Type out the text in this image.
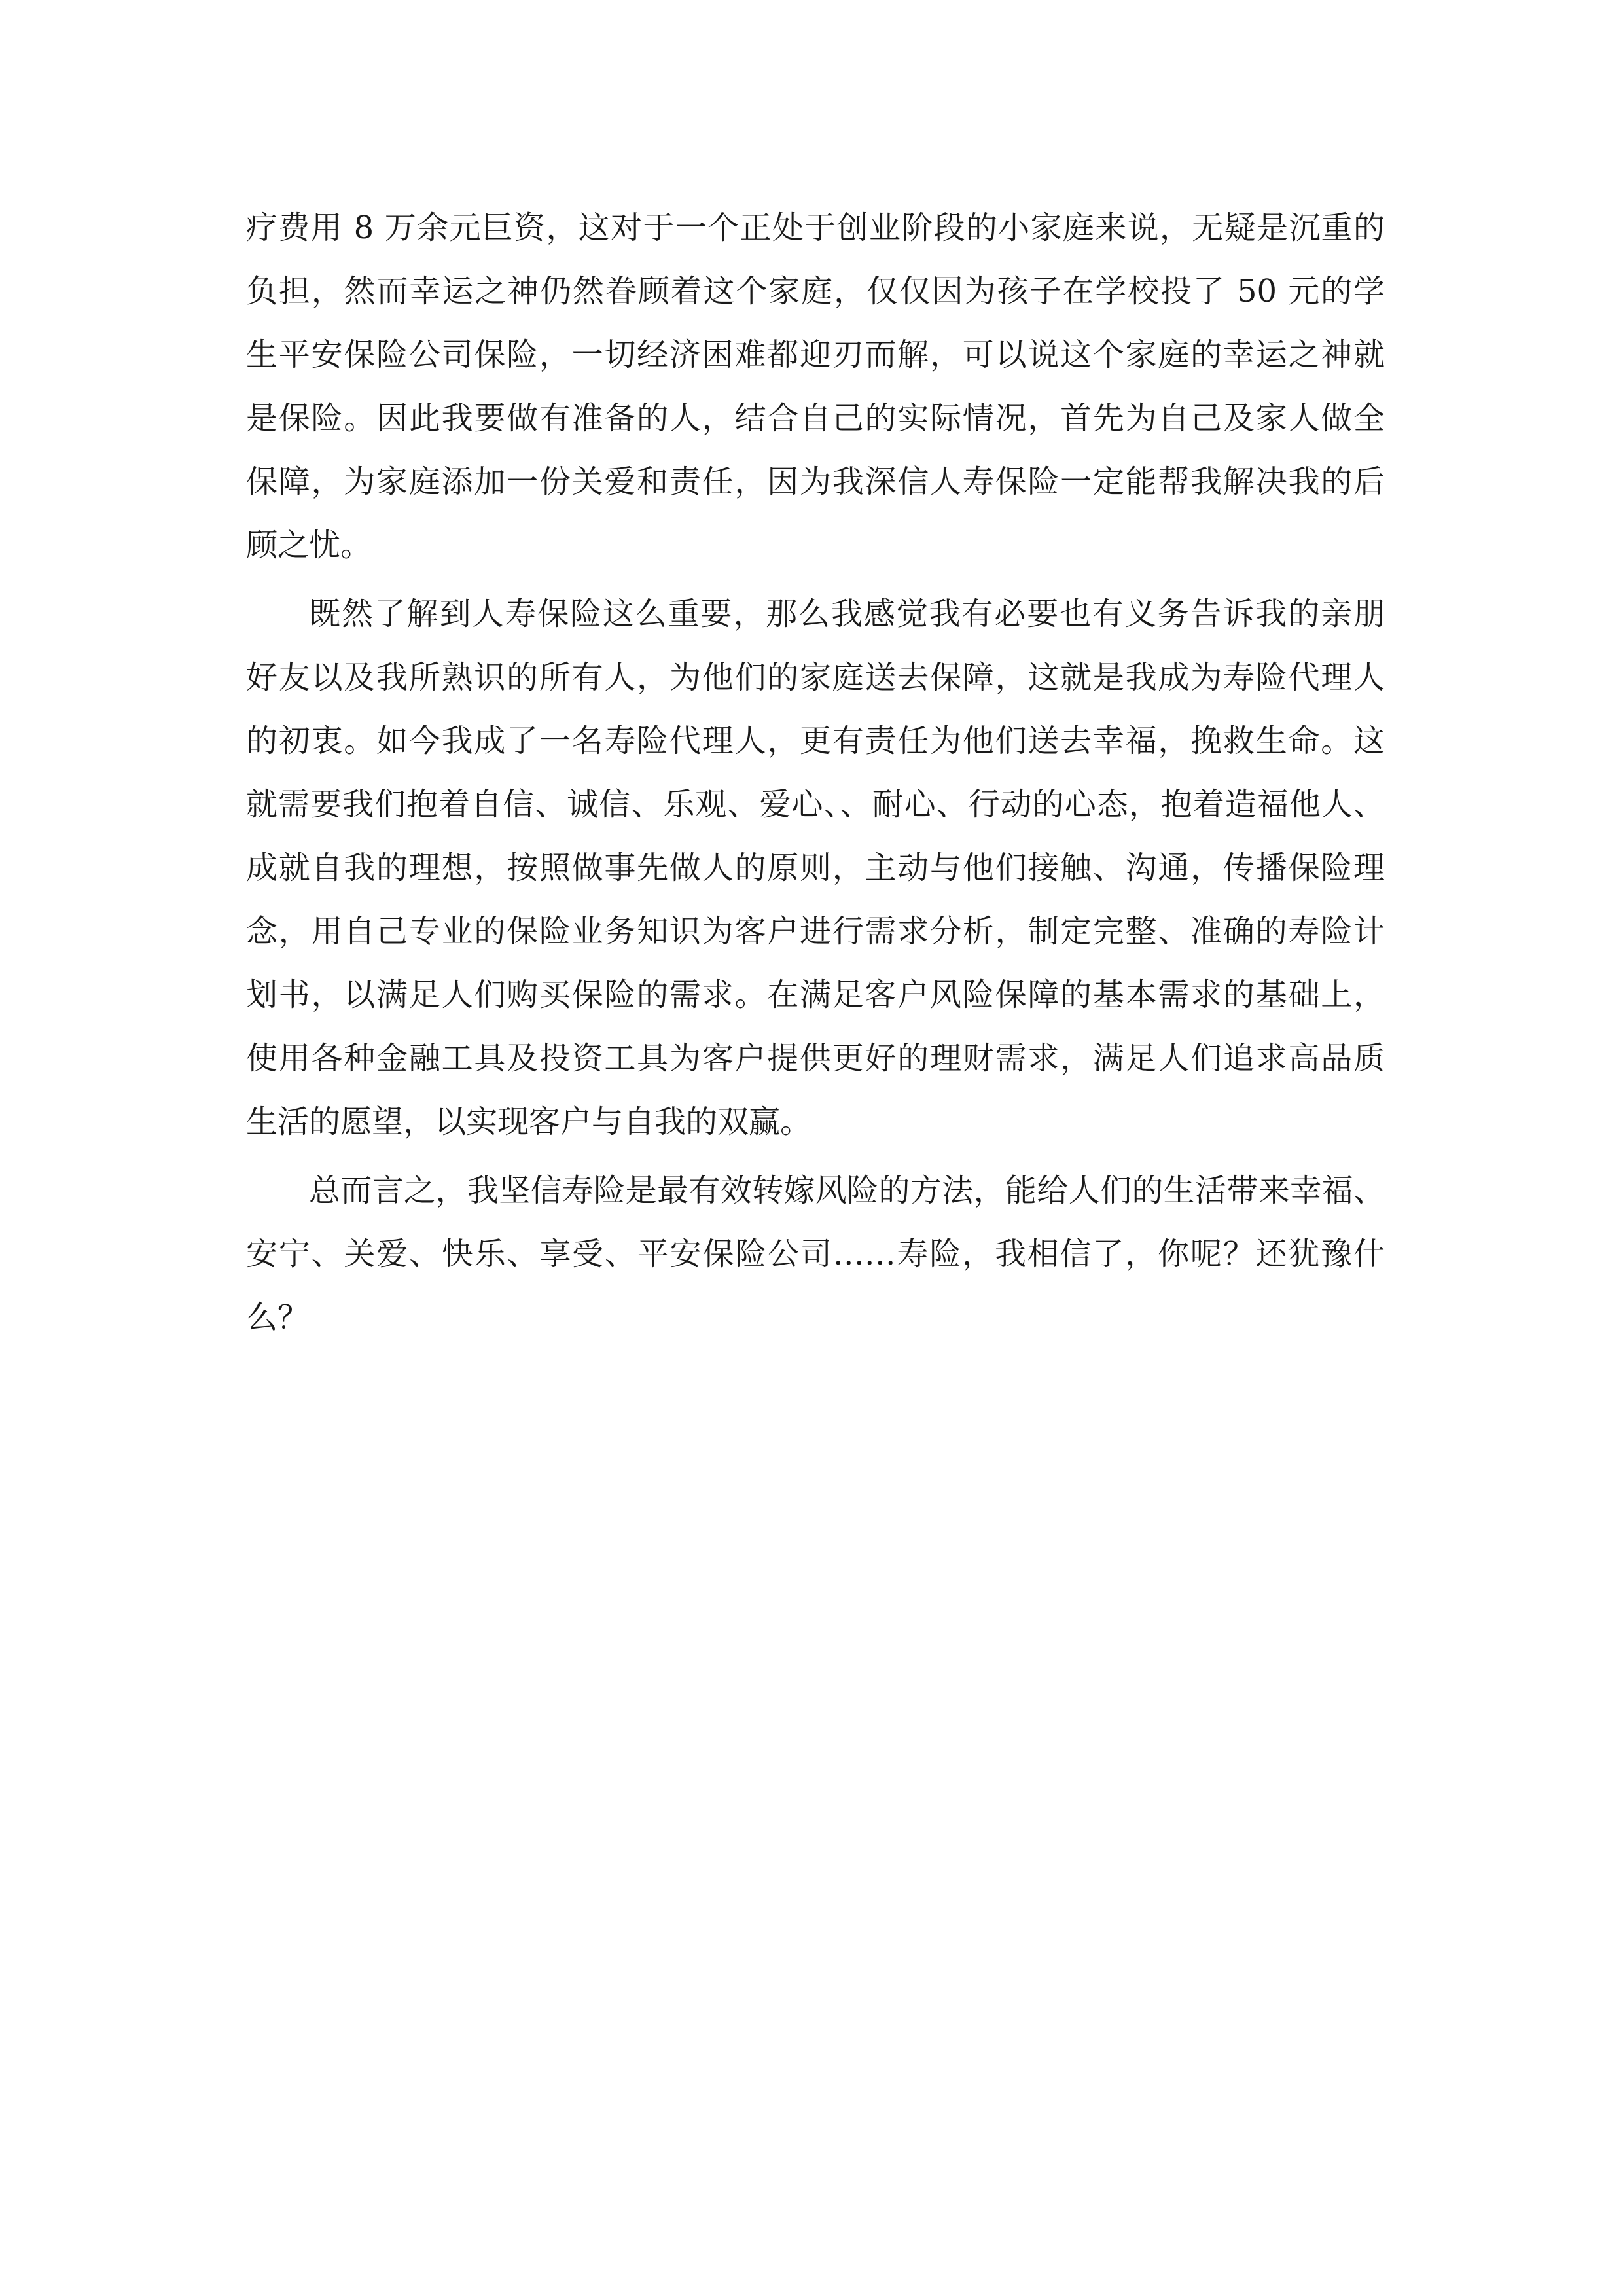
疗费用 8 万余元巨资，这对于一个正处于创业阶段的小家庭来说，无疑是沉重的
负担，然而幸运之神仍然眷顾着这个家庭，仅仅因为孩子在学校投了 50 元的学
生平安保险公司保险，一切经济困难都迎刃而解，可以说这个家庭的幸运之神就
是保险。因此我要做有准备的人，结合自己的实际情况，首先为自己及家人做全
保障，为家庭添加一份关爱和责任，因为我深信人寿保险一定能帮我解决我的后
顾之忧。

既然了解到人寿保险这么重要，那么我感觉我有必要也有义务告诉我的亲朋
好友以及我所熟识的所有人，为他们的家庭送去保障，这就是我成为寿险代理人
的初衷。如今我成了一名寿险代理人，更有责任为他们送去幸福，挽救生命。这
就需要我们抱着自信、诚信、乐观、爱心、、耐心、行动的心态，抱着造福他人、
成就自我的理想，按照做事先做人的原则，主动与他们接触、沟通，传播保险理
念，用自己专业的保险业务知识为客户进行需求分析，制定完整、准确的寿险计
划书，以满足人们购买保险的需求。在满足客户风险保障的基本需求的基础上，
使用各种金融工具及投资工具为客户提供更好的理财需求，满足人们追求高品质
生活的愿望，以实现客户与自我的双赢。

总而言之，我坚信寿险是最有效转嫁风险的方法，能给人们的生活带来幸福、
安宁、关爱、快乐、享受、平安保险公司……寿险，我相信了，你呢？还犹豫什
么？
